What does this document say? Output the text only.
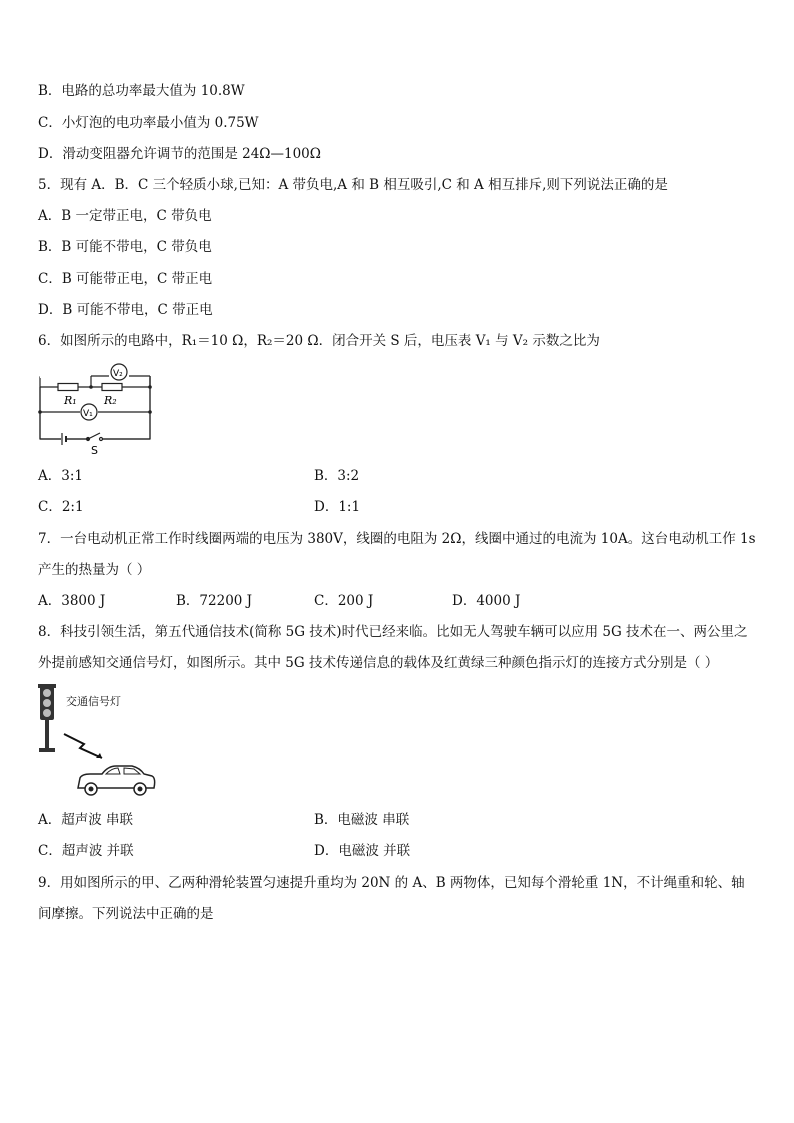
B．电路的总功率最大值为 10.8W
C．小灯泡的电功率最小值为 0.75W
D．滑动变阻器允许调节的范围是 24Ω—100Ω
5．现有 A．B．C 三个轻质小球,已知：A 带负电,A 和 B 相互吸引,C 和 A 相互排斥,则下列说法正确的是
A．B 一定带正电，C 带负电
B．B 可能不带电，C 带负电
C．B 可能带正电，C 带正电
D．B 可能不带电，C 带正电
6．如图所示的电路中，R₁＝10 Ω，R₂＝20 Ω．闭合开关 S 后，电压表 V₁ 与 V₂ 示数之比为
R₁ R₂
V₁
V₂
S
A．3:1	B．3:2
C．2:1	D．1:1
7．一台电动机正常工作时线圈两端的电压为 380V，线圈的电阻为 2Ω，线圈中通过的电流为 10A。这台电动机工作 1s
产生的热量为（ ）
A．3800 J	B．72200 J	C．200 J	D．4000 J
8．科技引领生活，第五代通信技术(简称 5G 技术)时代已经来临。比如无人驾驶车辆可以应用 5G 技术在一、两公里之
外提前感知交通信号灯，如图所示。其中 5G 技术传递信息的载体及红黄绿三种颜色指示灯的连接方式分别是（ ）
交通信号灯
A．超声波 串联	B．电磁波 串联
C．超声波 并联	D．电磁波 并联
9．用如图所示的甲、乙两种滑轮装置匀速提升重均为 20N 的 A、B 两物体，已知每个滑轮重 1N，不计绳重和轮、轴
间摩擦。下列说法中正确的是
